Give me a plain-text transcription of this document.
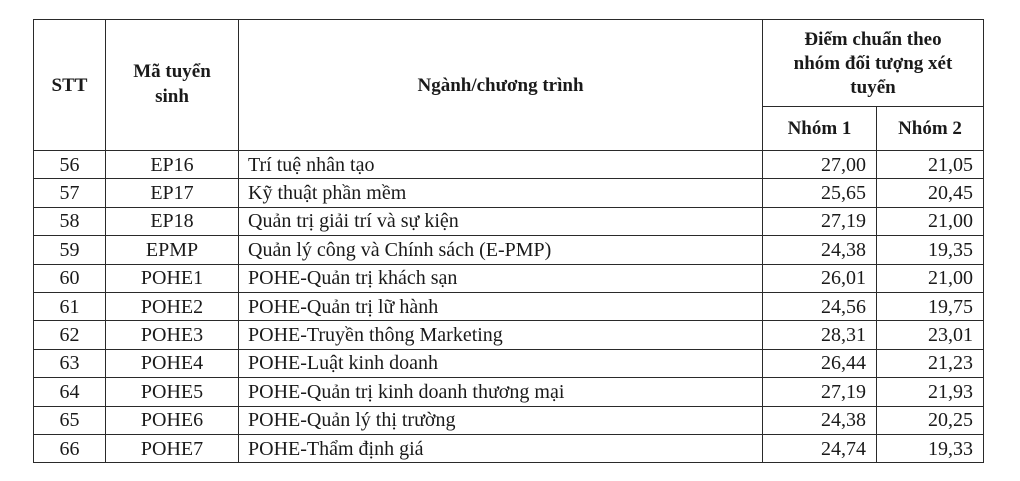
STT	Mã tuyển sinh	Ngành/chương trình	Điểm chuẩn theo nhóm đối tượng xét tuyển	
			Nhóm 1	Nhóm 2
56	EP16	Trí tuệ nhân tạo	27,00	21,05
57	EP17	Kỹ thuật phần mềm	25,65	20,45
58	EP18	Quản trị giải trí và sự kiện	27,19	21,00
59	EPMP	Quản lý công và Chính sách (E-PMP)	24,38	19,35
60	POHE1	POHE-Quản trị khách sạn	26,01	21,00
61	POHE2	POHE-Quản trị lữ hành	24,56	19,75
62	POHE3	POHE-Truyền thông Marketing	28,31	23,01
63	POHE4	POHE-Luật kinh doanh	26,44	21,23
64	POHE5	POHE-Quản trị kinh doanh thương mại	27,19	21,93
65	POHE6	POHE-Quản lý thị trường	24,38	20,25
66	POHE7	POHE-Thẩm định giá	24,74	19,33
